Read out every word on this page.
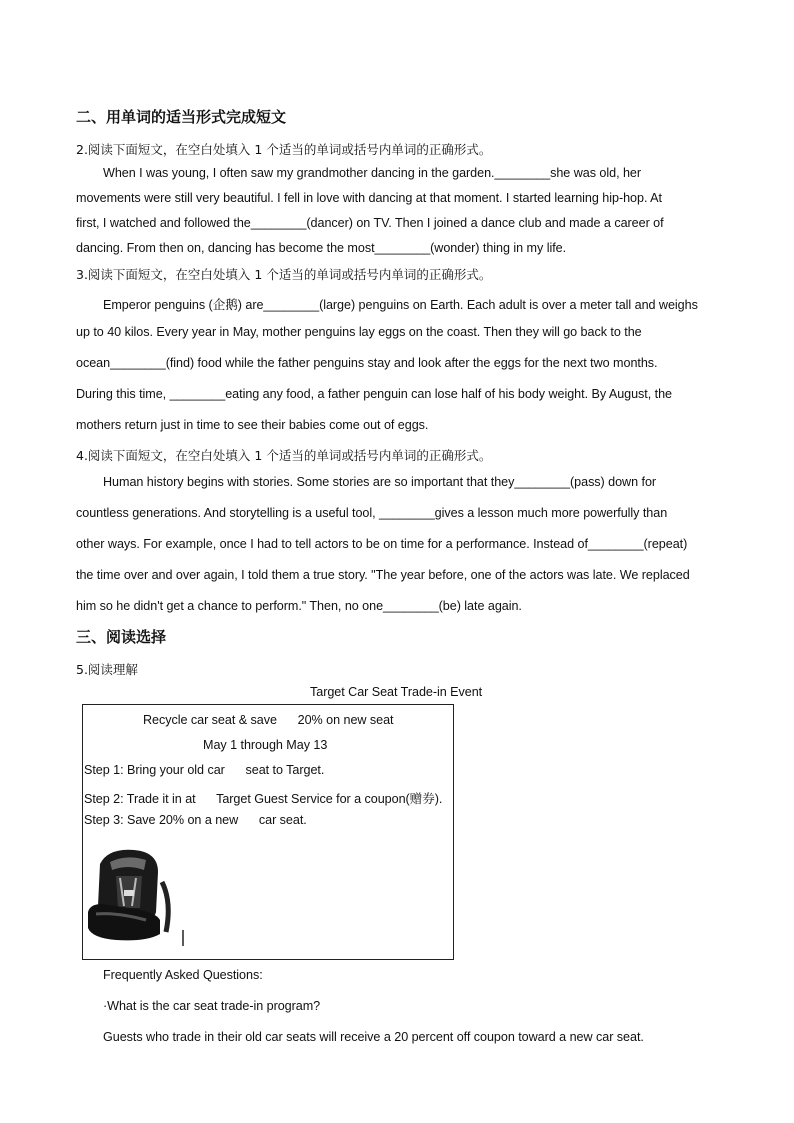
二、用单词的适当形式完成短文
2.阅读下面短文，在空白处填入 1 个适当的单词或括号内单词的正确形式。
When I was young, I often saw my grandmother dancing in the garden.________she was old, her
movements were still very beautiful. I fell in love with dancing at that moment. I started learning hip-hop. At
first, I watched and followed the________(dancer) on TV. Then I joined a dance club and made a career of
dancing. From then on, dancing has become the most________(wonder) thing in my life.
3.阅读下面短文，在空白处填入 1 个适当的单词或括号内单词的正确形式。
Emperor penguins (企鹅) are________(large) penguins on Earth. Each adult is over a meter tall and weighs
up to 40 kilos. Every year in May, mother penguins lay eggs on the coast. Then they will go back to the
ocean________(find) food while the father penguins stay and look after the eggs for the next two months.
During this time, ________eating any food, a father penguin can lose half of his body weight. By August, the
mothers return just in time to see their babies come out of eggs.
4.阅读下面短文，在空白处填入 1 个适当的单词或括号内单词的正确形式。
Human history begins with stories. Some stories are so important that they________(pass) down for
countless generations. And storytelling is a useful tool, ________gives a lesson much more powerfully than
other ways. For example, once I had to tell actors to be on time for a performance. Instead of________(repeat)
the time over and over again, I told them a true story. "The year before, one of the actors was late. We replaced
him so he didn't get a chance to perform." Then, no one________(be) late again.
三、阅读选择
5.阅读理解
Target Car Seat Trade-in Event
Recycle car seat & save      20% on new seat
May 1 through May 13
Step 1: Bring your old car      seat to Target.
Step 2: Trade it in at      Target Guest Service for a coupon(赠券).
Step 3: Save 20% on a new      car seat.
Frequently Asked Questions:
·What is the car seat trade-in program?
Guests who trade in their old car seats will receive a 20 percent off coupon toward a new car seat.
